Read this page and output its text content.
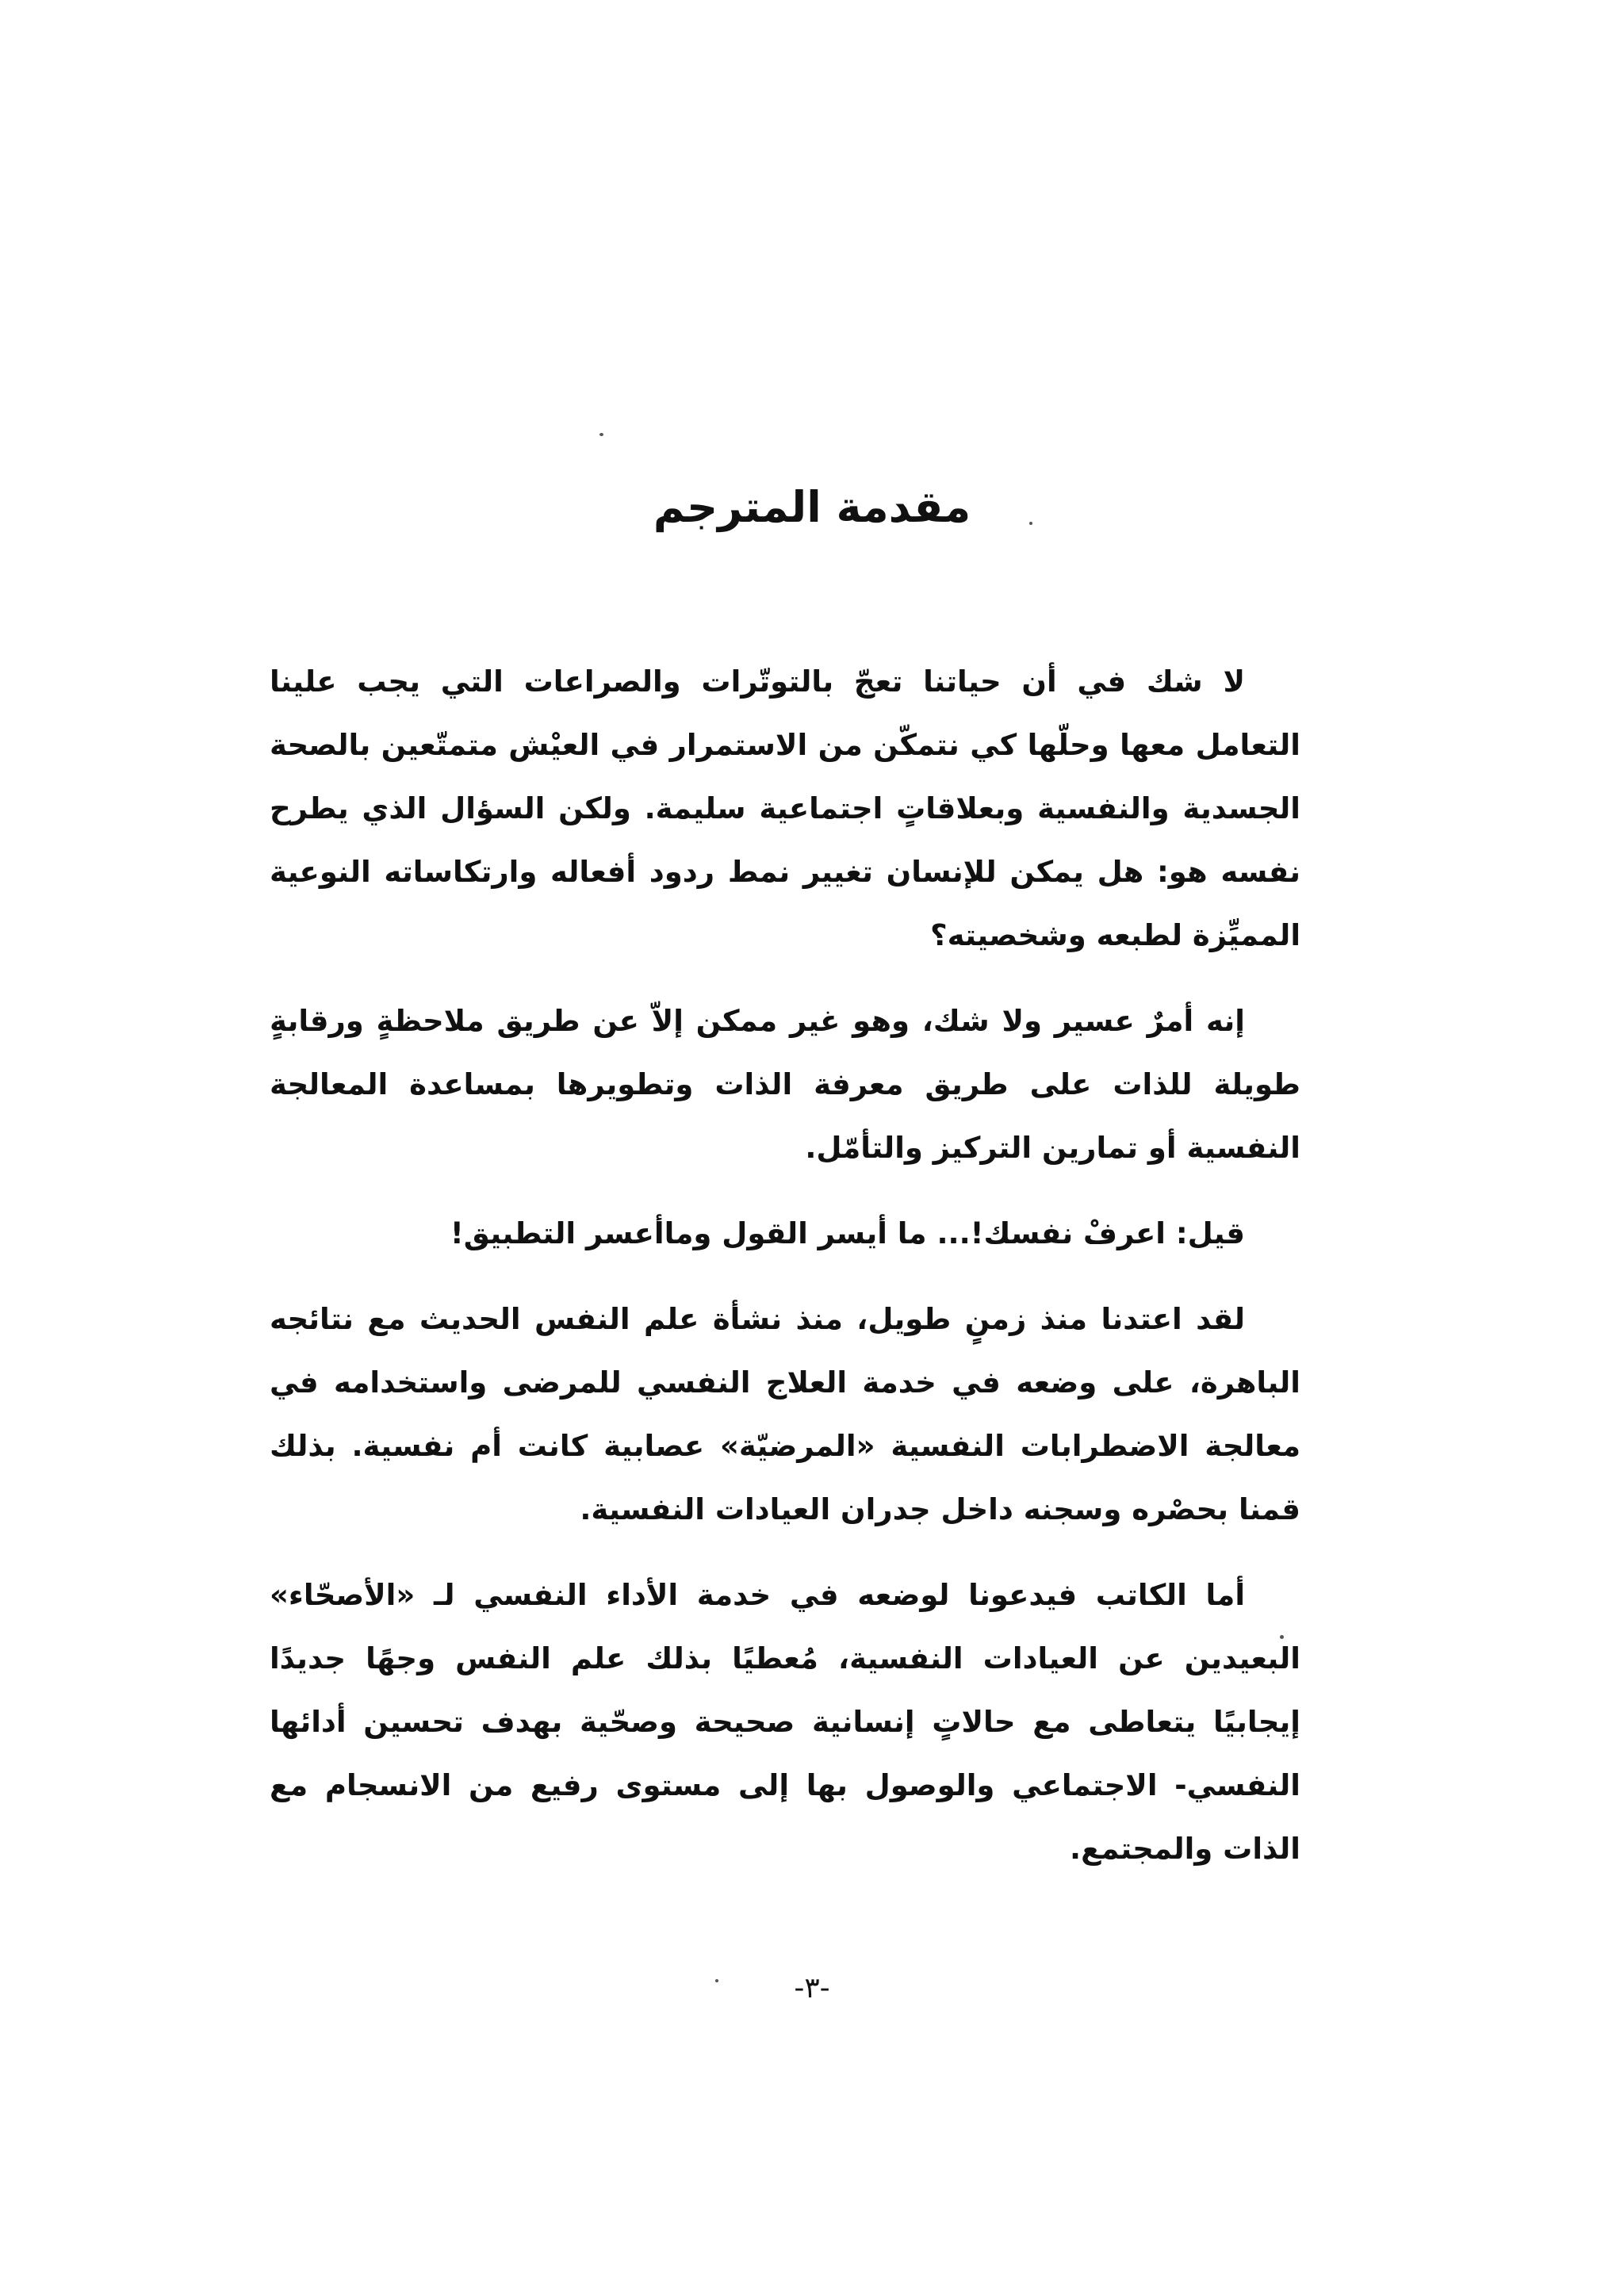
مقدمة المترجم

لا شك في أن حياتنا تعجّ بالتوتّرات والصراعات التي يجب علينا التعامل معها وحلّها كي نتمكّن من الاستمرار في العيْش متمتّعين بالصحة الجسدية والنفسية وبعلاقاتٍ اجتماعية سليمة. ولكن السؤال الذي يطرح نفسه هو: هل يمكن للإنسان تغيير نمط ردود أفعاله وارتكاساته النوعية المميِّزة لطبعه وشخصيته؟

إنه أمرٌ عسير ولا شك، وهو غير ممكن إلاّ عن طريق ملاحظةٍ ورقابةٍ طويلة للذات على طريق معرفة الذات وتطويرها بمساعدة المعالجة النفسية أو تمارين التركيز والتأمّل.

قيل: اعرفْ نفسك!... ما أيسر القول وماأعسر التطبيق!

لقد اعتدنا منذ زمنٍ طويل، منذ نشأة علم النفس الحديث مع نتائجه الباهرة، على وضعه في خدمة العلاج النفسي للمرضى واستخدامه في معالجة الاضطرابات النفسية «المرضيّة» عصابية كانت أم نفسية. بذلك قمنا بحصْره وسجنه داخل جدران العيادات النفسية.

أما الكاتب فيدعونا لوضعه في خدمة الأداء النفسي لـ «الأصحّاء» البعيدين عن العيادات النفسية، مُعطيًا بذلك علم النفس وجهًا جديدًا إيجابيًا يتعاطى مع حالاتٍ إنسانية صحيحة وصحّية بهدف تحسين أدائها النفسي- الاجتماعي والوصول بها إلى مستوى رفيع من الانسجام مع الذات والمجتمع.

-٣-
